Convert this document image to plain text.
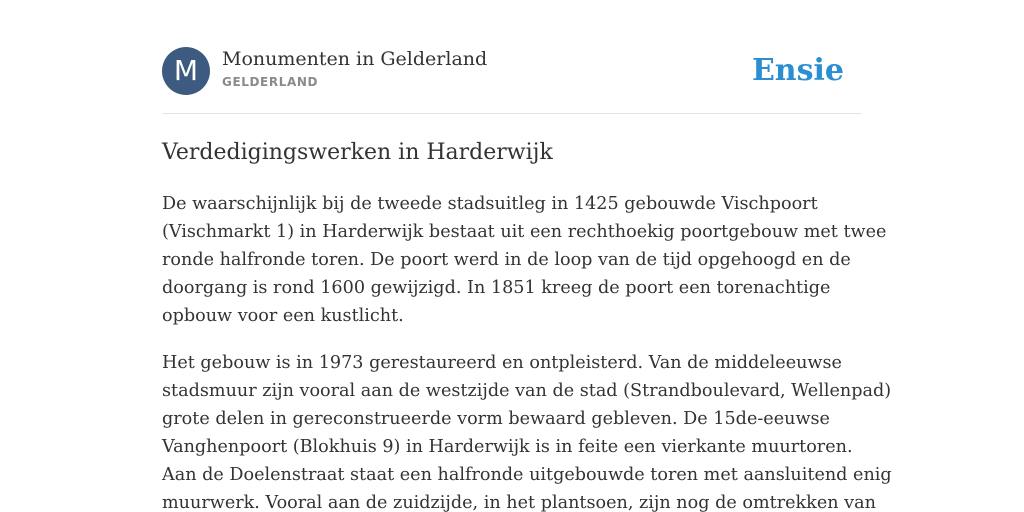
M	Monumenten in Gelderland
GELDERLAND	Ensie
Verdedigingswerken in Harderwijk

De waarschijnlijk bij de tweede stadsuitleg in 1425 gebouwde Vischpoort
(Vischmarkt 1) in Harderwijk bestaat uit een rechthoekig poortgebouw met twee
ronde halfronde toren. De poort werd in de loop van de tijd opgehoogd en de
doorgang is rond 1600 gewijzigd. In 1851 kreeg de poort een torenachtige
opbouw voor een kustlicht.

Het gebouw is in 1973 gerestaureerd en ontpleisterd. Van de middeleeuwse
stadsmuur zijn vooral aan de westzijde van de stad (Strandboulevard, Wellenpad)
grote delen in gereconstrueerde vorm bewaard gebleven. De 15de-eeuwse
Vanghenpoort (Blokhuis 9) in Harderwijk is in feite een vierkante muurtoren.
Aan de Doelenstraat staat een halfronde uitgebouwde toren met aansluitend enig
muurwerk. Vooral aan de zuidzijde, in het plantsoen, zijn nog de omtrekken van
